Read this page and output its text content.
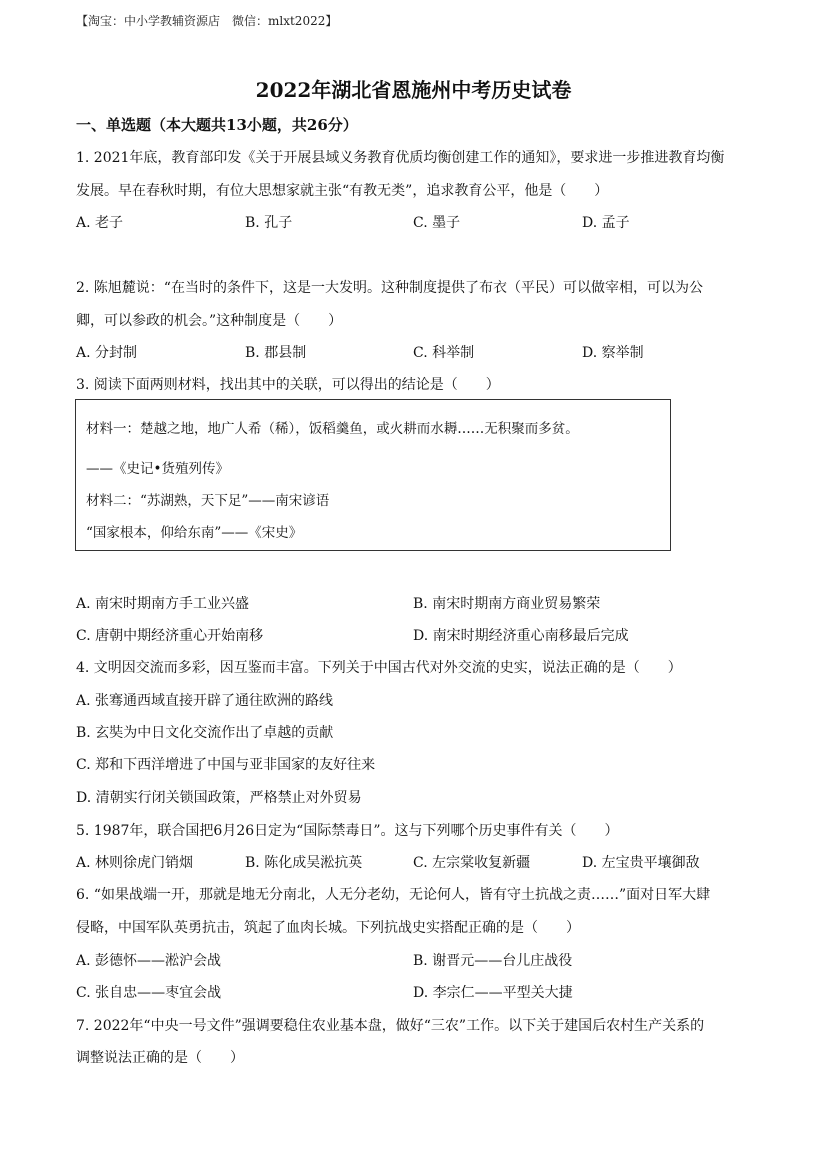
【淘宝：中小学教辅资源店　微信：mlxt2022】
2022年湖北省恩施州中考历史试卷
一、单选题（本大题共13小题，共26分）
1. 2021年底，教育部印发《关于开展县域义务教育优质均衡创建工作的通知》，要求进一步推进教育均衡
发展。早在春秋时期，有位大思想家就主张“有教无类”，追求教育公平，他是（　　）
A. 老子	B. 孔子	C. 墨子	D. 孟子
2. 陈旭麓说：“在当时的条件下，这是一大发明。这种制度提供了布衣（平民）可以做宰相，可以为公
卿，可以参政的机会。”这种制度是（　　）
A. 分封制	B. 郡县制	C. 科举制	D. 察举制
3. 阅读下面两则材料，找出其中的关联，可以得出的结论是（　　）
材料一：楚越之地，地广人希（稀），饭稻羹鱼，或火耕而水耨……无积聚而多贫。
——《史记•货殖列传》
材料二：“苏湖熟，天下足”——南宋谚语
“国家根本，仰给东南”——《宋史》
A. 南宋时期南方手工业兴盛	B. 南宋时期南方商业贸易繁荣
C. 唐朝中期经济重心开始南移	D. 南宋时期经济重心南移最后完成
4. 文明因交流而多彩，因互鉴而丰富。下列关于中国古代对外交流的史实，说法正确的是（　　）
A. 张骞通西域直接开辟了通往欧洲的路线
B. 玄奘为中日文化交流作出了卓越的贡献
C. 郑和下西洋增进了中国与亚非国家的友好往来
D. 清朝实行闭关锁国政策，严格禁止对外贸易
5. 1987年，联合国把6月26日定为“国际禁毒日”。这与下列哪个历史事件有关（　　）
A. 林则徐虎门销烟	B. 陈化成吴淞抗英	C. 左宗棠收复新疆	D. 左宝贵平壤御敌
6. “如果战端一开，那就是地无分南北，人无分老幼，无论何人，皆有守土抗战之责……”面对日军大肆
侵略，中国军队英勇抗击，筑起了血肉长城。下列抗战史实搭配正确的是（　　）
A. 彭德怀——淞沪会战	B. 谢晋元——台儿庄战役
C. 张自忠——枣宜会战	D. 李宗仁——平型关大捷
7. 2022年“中央一号文件”强调要稳住农业基本盘，做好“三农”工作。以下关于建国后农村生产关系的
调整说法正确的是（　　）
